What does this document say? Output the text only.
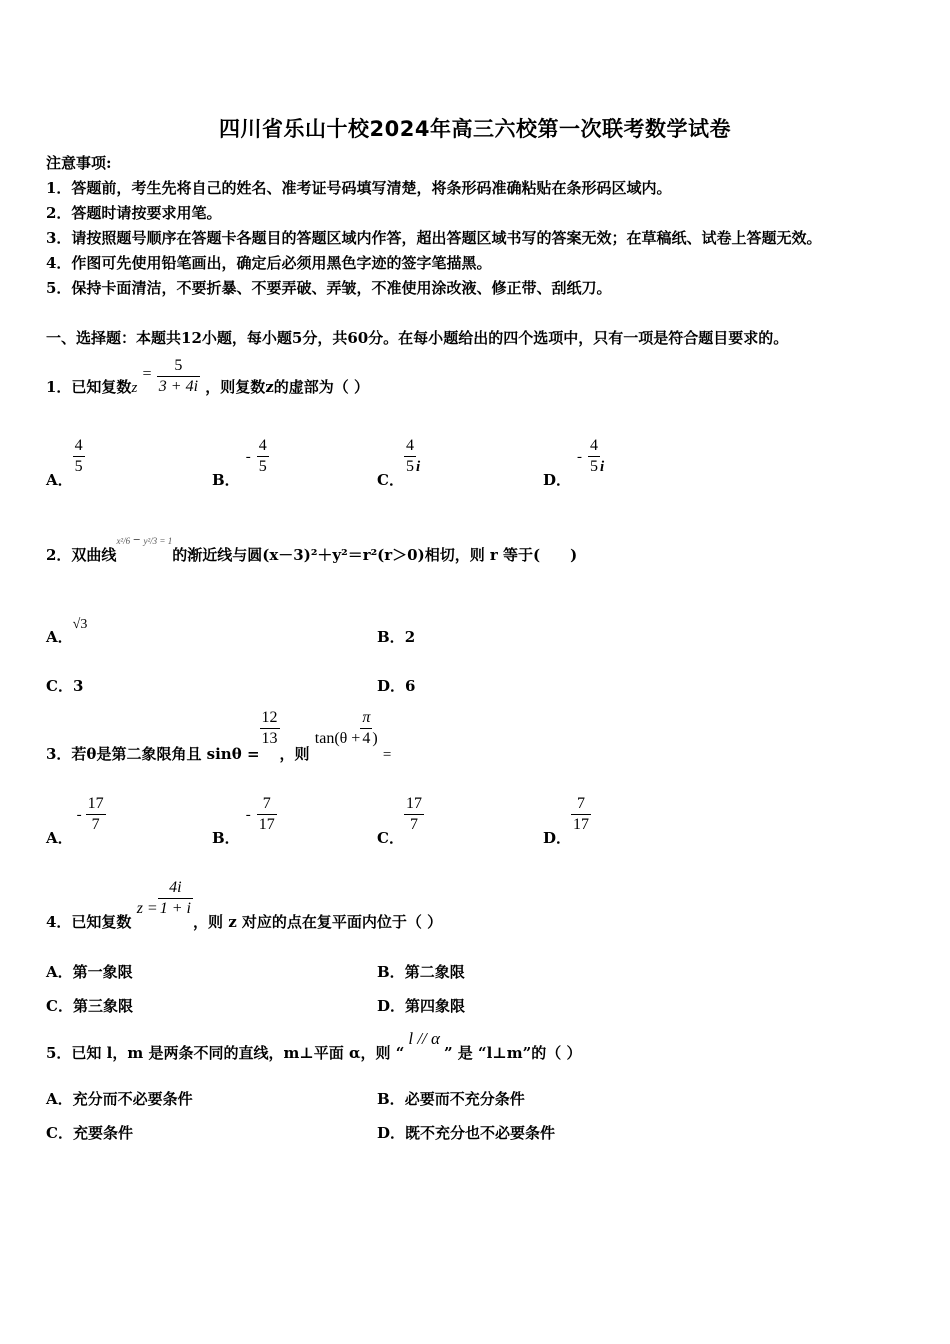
四川省乐山十校2024年高三六校第一次联考数学试卷
注意事项:
1．答题前，考生先将自己的姓名、准考证号码填写清楚，将条形码准确粘贴在条形码区域内。
2．答题时请按要求用笔。
3．请按照题号顺序在答题卡各题目的答题区域内作答，超出答题区域书写的答案无效；在草稿纸、试卷上答题无效。
4．作图可先使用铅笔画出，确定后必须用黑色字迹的签字笔描黑。
5．保持卡面清洁，不要折暴、不要弄破、弄皱，不准使用涂改液、修正带、刮纸刀。
一、选择题：本题共12小题，每小题5分，共60分。在每小题给出的四个选项中，只有一项是符合题目要求的。
1．已知复数$z = \frac{5}{3 + 4i}$ ，则复数z的虚部为（ ）
A．
$\frac{4}{5}$
B．- $\frac{4}{5}$
C．
$\frac{4}{5}$ i
D．- $\frac{4}{5}$ i
2．双曲线x²/6 − y²/3 = 1的渐近线与圆(x－3)²＋y²＝r²(r＞0)相切，则 r 等于(　　)
A．√3
B．2
C．3	D．6
3．若θ是第二象限角且 sinθ =
$\frac{12}{13}$
，则 $\tan(\theta + \frac{\pi}{4}$ ) =
A．- $\frac{17}{7}$
B．- $\frac{7}{17}$
C．
$\frac{17}{7}$
D．
$\frac{7}{17}$
4．已知复数 $z = \frac{4i}{1 + i}$
，则 z 对应的点在复平面内位于（ ）
A．第一象限	B．第二象限
C．第三象限	D．第四象限
5．已知 l，m 是两条不同的直线，m⊥平面 α，则 “l // α” 是 “l⊥m”的（ ）
A．充分而不必要条件	B．必要而不充分条件
C．充要条件	D．既不充分也不必要条件
